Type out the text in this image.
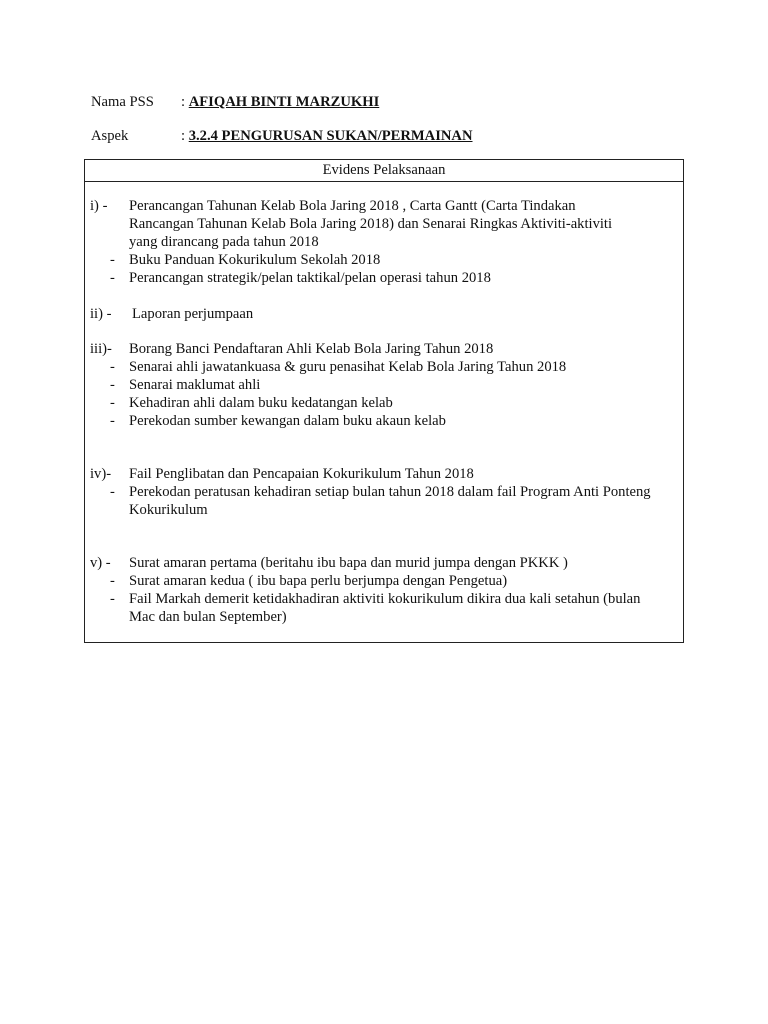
Nama PSS : AFIQAH BINTI MARZUKHI
Aspek	: 3.2.4 PENGURUSAN SUKAN/PERMAINAN
Evidens Pelaksanaan
i) - Perancangan Tahunan Kelab Bola Jaring 2018 , Carta Gantt (Carta Tindakan
Rancangan Tahunan Kelab Bola Jaring 2018) dan Senarai Ringkas Aktiviti-aktiviti
yang dirancang pada tahun 2018
- Buku Panduan Kokurikulum Sekolah 2018
- Perancangan strategik/pelan taktikal/pelan operasi tahun 2018
ii) - Laporan perjumpaan
iii)- Borang Banci Pendaftaran Ahli Kelab Bola Jaring Tahun 2018
- Senarai ahli jawatankuasa & guru penasihat Kelab Bola Jaring Tahun 2018
- Senarai maklumat ahli
- Kehadiran ahli dalam buku kedatangan kelab
- Perekodan sumber kewangan dalam buku akaun kelab
iv)- Fail Penglibatan dan Pencapaian Kokurikulum Tahun 2018
- Perekodan peratusan kehadiran setiap bulan tahun 2018 dalam fail Program Anti Ponteng
Kokurikulum
v) - Surat amaran pertama (beritahu ibu bapa dan murid jumpa dengan PKKK )
- Surat amaran kedua ( ibu bapa perlu berjumpa dengan Pengetua)
- Fail Markah demerit ketidakhadiran aktiviti kokurikulum dikira dua kali setahun (bulan
Mac dan bulan September)
